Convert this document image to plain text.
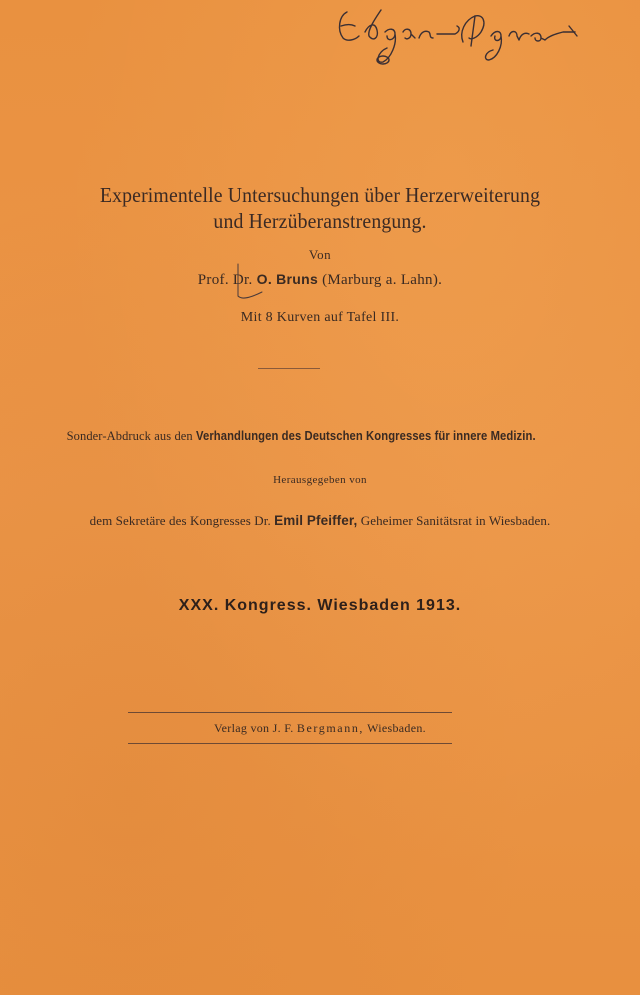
Experimentelle Untersuchungen über Herzerweiterung
und Herzüberanstrengung.
Von
Prof. Dr. O. Bruns (Marburg a. Lahn).
Mit 8 Kurven auf Tafel III.
Sonder-Abdruck aus den Verhandlungen des Deutschen Kongresses für innere Medizin.
Herausgegeben von
dem Sekretäre des Kongresses Dr. Emil Pfeiffer, Geheimer Sanitätsrat in Wiesbaden.
XXX. Kongress. Wiesbaden 1913.
Verlag von J. F. Bergmann, Wiesbaden.
